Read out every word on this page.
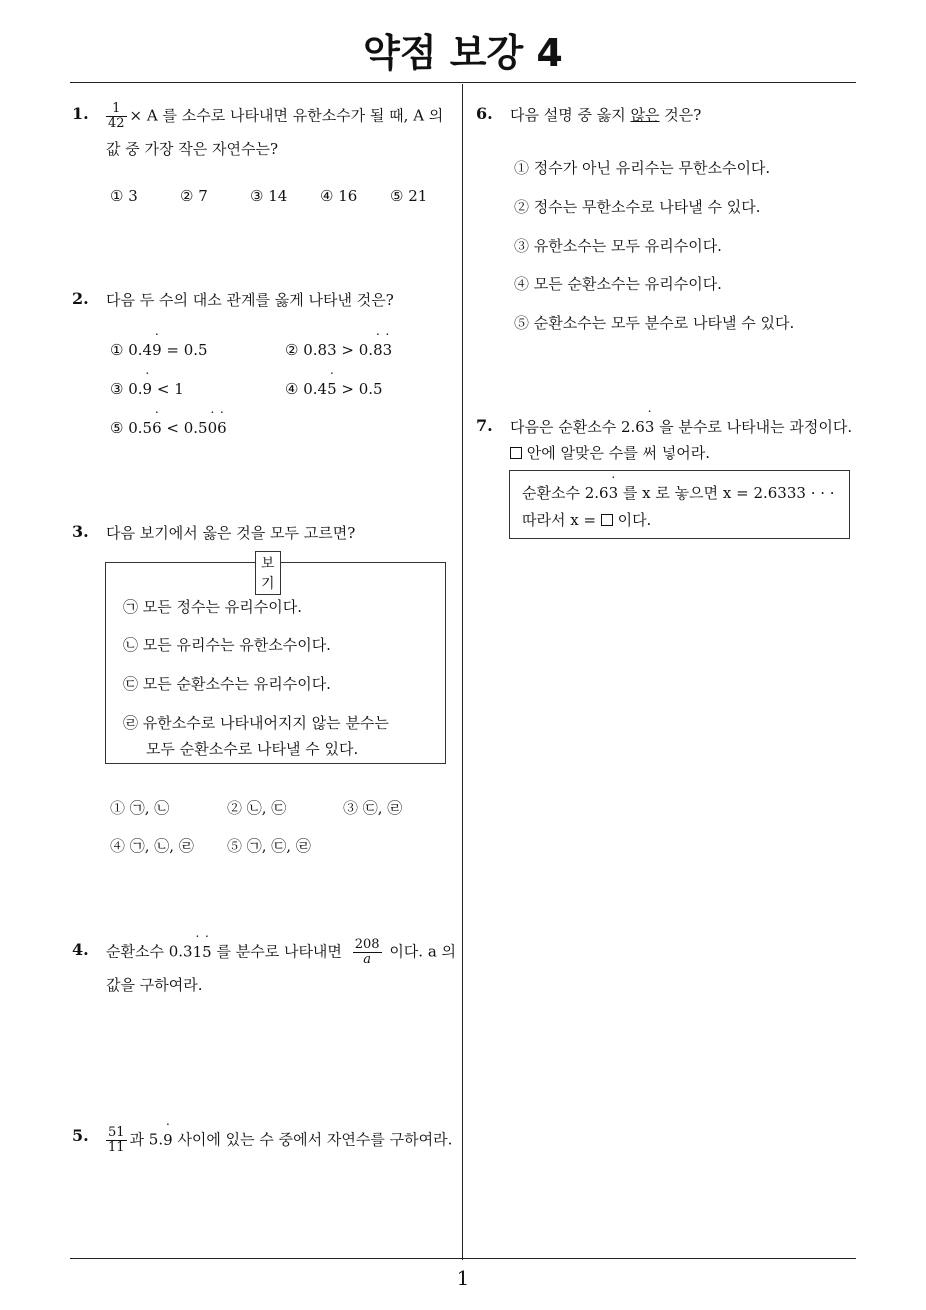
약점 보강 4
1
1. $\frac{1}{42} \times A$ 를 소수로 나타내면 유한소수가 될 때, A 의
값 중 가장 작은 자연수는?
① 3	② 7	③ 14 ④ 16 ⑤ 21
2. 다음 두 수의 대소 관계를 옳게 나타낸 것은?
① 0.49 ˙ = 0.5	② 0.83 > 0.8 ˙3 ˙
③ 0.9 ˙ < 1	④ 0.45 ˙ > 0.5
⑤ 0.56 ˙ < 0.50 ˙6 ˙
3. 다음 보기에서 옳은 것을 모두 고르면?
보기
㉠ 모든 정수는 유리수이다.
㉡ 모든 유리수는 유한소수이다.
㉢ 모든 순환소수는 유리수이다.
㉣ 유한소수로 나타내어지지 않는 분수는
모두 순환소수로 나타낼 수 있다.
① ㉠, ㉡	② ㉡, ㉢	③ ㉢, ㉣
④ ㉠, ㉡, ㉣ ⑤ ㉠, ㉢, ㉣
4. 순환소수 0.31 ˙5 ˙ 를 분수로 나타내면 $\frac{208}{a}$ 이다. a 의
값을 구하여라.
5. $\frac{51}{11}$ 과 5.9 ˙ 사이에 있는 수 중에서 자연수를 구하여라.
6. 다음 설명 중 옳지 않은 것은?
① 정수가 아닌 유리수는 무한소수이다.
② 정수는 무한소수로 나타낼 수 있다.
③ 유한소수는 모두 유리수이다.
④ 모든 순환소수는 유리수이다.
⑤ 순환소수는 모두 분수로 나타낼 수 있다.
7. 다음은 순환소수 2.63 ˙ 을 분수로 나타내는 과정이다.
안에 알맞은 수를 써 넣어라.
순환소수 2.63 ˙ 를 x 로 놓으면 x = 2.6333 · · ·
따라서 x =  이다.
